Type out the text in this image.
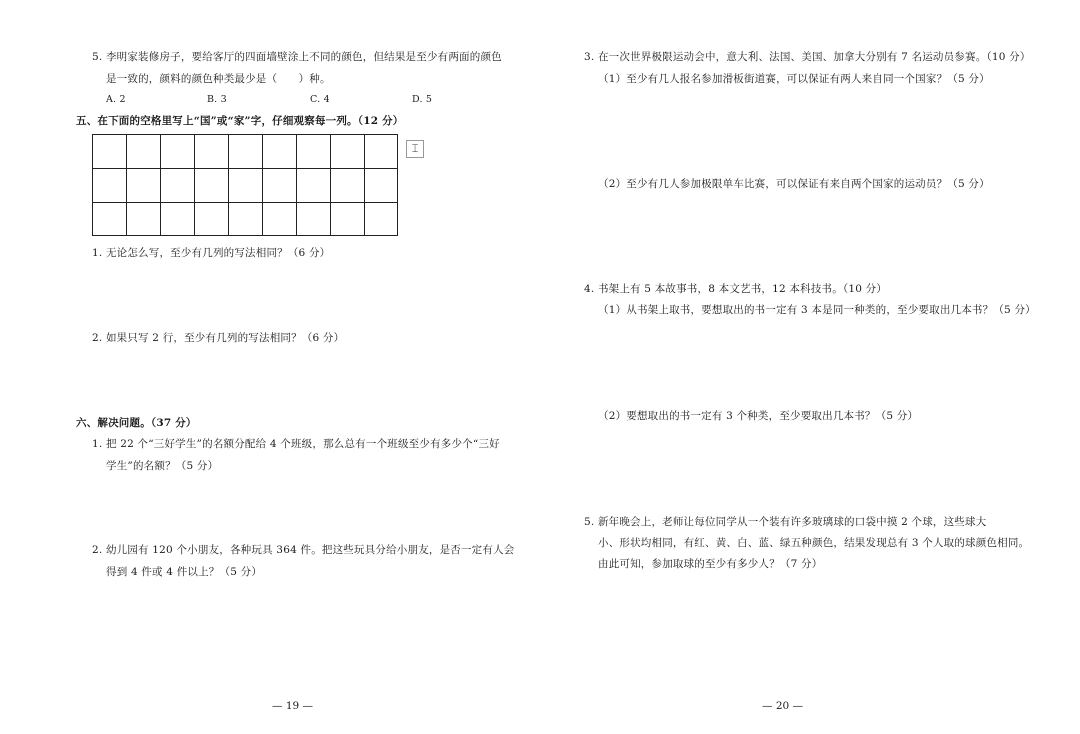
5. 李明家装修房子，要给客厅的四面墙壁涂上不同的颜色，但结果是至少有两面的颜色
是一致的，颜料的颜色种类最少是（　　）种。
A. 2	B. 3	C. 4	D. 5
五、在下面的空格里写上“国”或“家”字，仔细观察每一列。（12 分）
⌶
1. 无论怎么写，至少有几列的写法相同？（6 分）
2. 如果只写 2 行，至少有几列的写法相同？（6 分）
六、解决问题。（37 分）
1. 把 22 个“三好学生”的名额分配给 4 个班级，那么总有一个班级至少有多少个“三好
学生”的名额？（5 分）
2. 幼儿园有 120 个小朋友，各种玩具 364 件。把这些玩具分给小朋友，是否一定有人会
得到 4 件或 4 件以上？（5 分）
— 19 —
3. 在一次世界极限运动会中，意大利、法国、美国、加拿大分别有 7 名运动员参赛。（10 分）
（1）至少有几人报名参加滑板街道赛，可以保证有两人来自同一个国家？（5 分）
（2）至少有几人参加极限单车比赛，可以保证有来自两个国家的运动员？（5 分）
4. 书架上有 5 本故事书，8 本文艺书，12 本科技书。（10 分）
（1）从书架上取书，要想取出的书一定有 3 本是同一种类的，至少要取出几本书？（5 分）
（2）要想取出的书一定有 3 个种类，至少要取出几本书？（5 分）
5. 新年晚会上，老师让每位同学从一个装有许多玻璃球的口袋中摸 2 个球，这些球大
小、形状均相同，有红、黄、白、蓝、绿五种颜色，结果发现总有 3 个人取的球颜色相同。
由此可知，参加取球的至少有多少人？（7 分）
— 20 —
